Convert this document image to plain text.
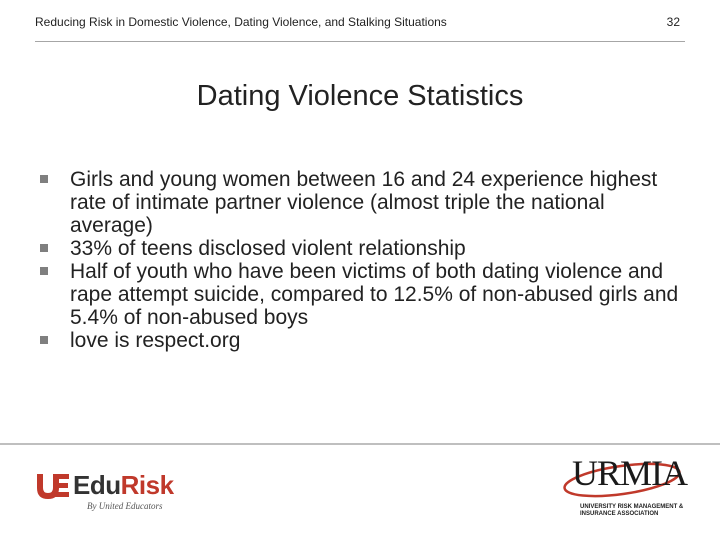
Reducing Risk in Domestic Violence, Dating Violence, and Stalking Situations	32
Dating Violence Statistics
Girls and young women between 16 and 24 experience highest rate of intimate partner violence (almost triple the national average)
33% of teens disclosed violent relationship
Half of youth who have been victims of both dating violence and rape attempt suicide, compared to 12.5% of non-abused girls and 5.4% of non-abused boys
love is respect.org
EduRisk
By United Educators
URMIA
UNIVERSITY RISK MANAGEMENT &
INSURANCE ASSOCIATION
